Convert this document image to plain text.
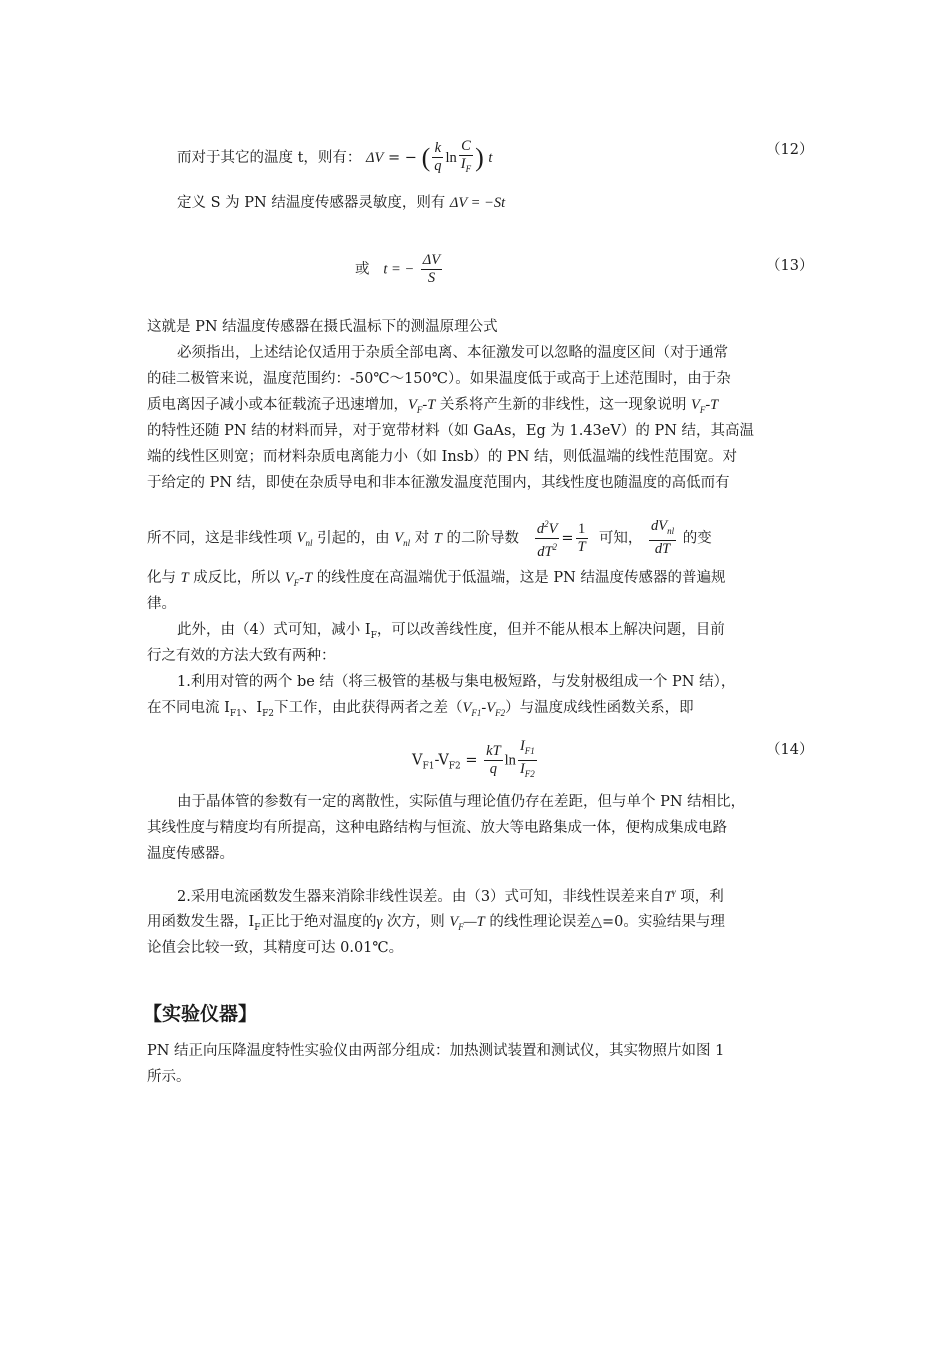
而对于其它的温度 t，则有： ΔV = − ( $\frac{k}{q}$ $\ln \frac{C}{I_F}$ ) t	（12）
定义 S 为 PN 结温度传感器灵敏度，则有 ΔV = −St
或 t = − $\frac{\Delta V}{S}$	（13）
这就是 PN 结温度传感器在摄氏温标下的测温原理公式
必须指出，上述结论仅适用于杂质全部电离、本征激发可以忽略的温度区间（对于通常
的硅二极管来说，温度范围约：-50℃～150℃）。如果温度低于或高于上述范围时，由于杂
质电离因子减小或本征载流子迅速增加，$V_F-T$ 关系将产生新的非线性，这一现象说明 $V_F-T$
的特性还随 PN 结的材料而异，对于宽带材料（如 GaAs，Eg 为 1.43eV）的 PN 结，其高温
端的线性区则宽；而材料杂质电离能力小（如 Insb）的 PN 结，则低温端的线性范围宽。对
于给定的 PN 结，即使在杂质导电和非本征激发温度范围内，其线性度也随温度的高低而有
所不同，这是非线性项 $V_{nl}$ 引起的，由 $V_{nl}$ 对 T 的二阶导数 $\frac{d^2V}{dT^2} = \frac{1}{T}$ 可知， $\frac{dV_{nl}}{dT}$ 的变
化与 T 成反比，所以 $V_F-T$ 的线性度在高温端优于低温端，这是 PN 结温度传感器的普遍规
律。
此外，由（4）式可知，减小 $I_F$，可以改善线性度，但并不能从根本上解决问题，目前
行之有效的方法大致有两种：
1.利用对管的两个 be 结（将三极管的基极与集电极短路，与发射极组成一个 PN 结），
在不同电流 $I_{F1}$、$I_{F2}$下工作，由此获得两者之差$(V_{F1}-V_{F2})$与温度成线性函数关系，即
$V_{F1}-V_{F2} = \frac{kT}{q}$ $\ln \frac{I_{F1}}{I_{F2}}$	（14）
由于晶体管的参数有一定的离散性，实际值与理论值仍存在差距，但与单个 PN 结相比，
其线性度与精度均有所提高，这种电路结构与恒流、放大等电路集成一体，便构成集成电路
温度传感器。
2.采用电流函数发生器来消除非线性误差。由（3）式可知，非线性误差来自$T^\gamma$ 项，利
用函数发生器，$I_F$正比于绝对温度的γ 次方，则 $V_F—T$ 的线性理论误差△=0。实验结果与理
论值会比较一致，其精度可达 0.01℃。
【实验仪器】
PN 结正向压降温度特性实验仪由两部分组成：加热测试装置和测试仪，其实物照片如图 1
所示。
